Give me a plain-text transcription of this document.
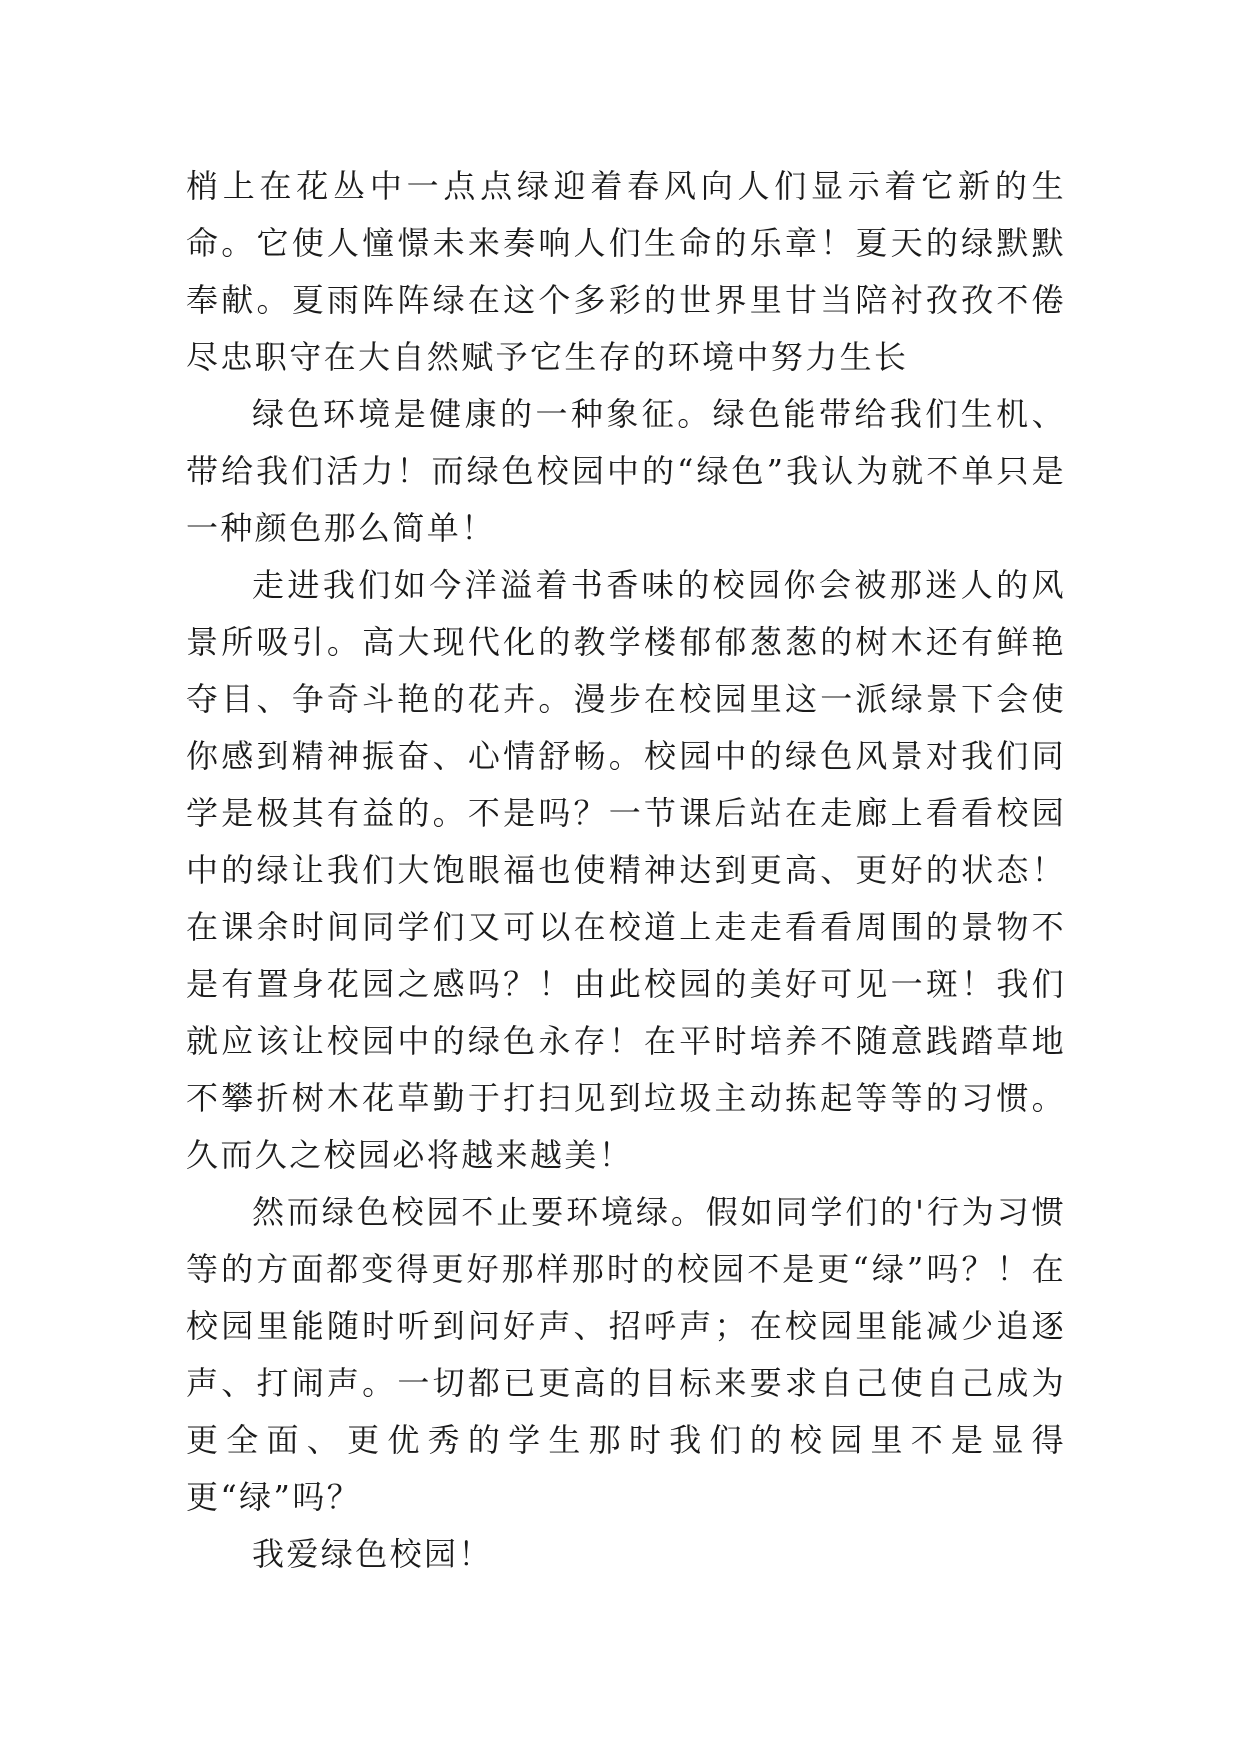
梢上在花丛中一点点绿迎着春风向人们显示着它新的生命。它使人憧憬未来奏响人们生命的乐章！夏天的绿默默奉献。夏雨阵阵绿在这个多彩的世界里甘当陪衬孜孜不倦尽忠职守在大自然赋予它生存的环境中努力生长

绿色环境是健康的一种象征。绿色能带给我们生机、带给我们活力！而绿色校园中的“绿色”我认为就不单只是一种颜色那么简单！

走进我们如今洋溢着书香味的校园你会被那迷人的风景所吸引。高大现代化的教学楼郁郁葱葱的树木还有鲜艳夺目、争奇斗艳的花卉。漫步在校园里这一派绿景下会使你感到精神振奋、心情舒畅。校园中的绿色风景对我们同学是极其有益的。不是吗？一节课后站在走廊上看看校园中的绿让我们大饱眼福也使精神达到更高、更好的状态！在课余时间同学们又可以在校道上走走看看周围的景物不是有置身花园之感吗？！由此校园的美好可见一斑！我们就应该让校园中的绿色永存！在平时培养不随意践踏草地不攀折树木花草勤于打扫见到垃圾主动拣起等等的习惯。久而久之校园必将越来越美！

然而绿色校园不止要环境绿。假如同学们的'行为习惯等的方面都变得更好那样那时的校园不是更“绿”吗？！在校园里能随时听到问好声、招呼声；在校园里能减少追逐声、打闹声。一切都已更高的目标来要求自己使自己成为更全面、更优秀的学生那时我们的校园里不是显得更“绿”吗？

我爱绿色校园！
